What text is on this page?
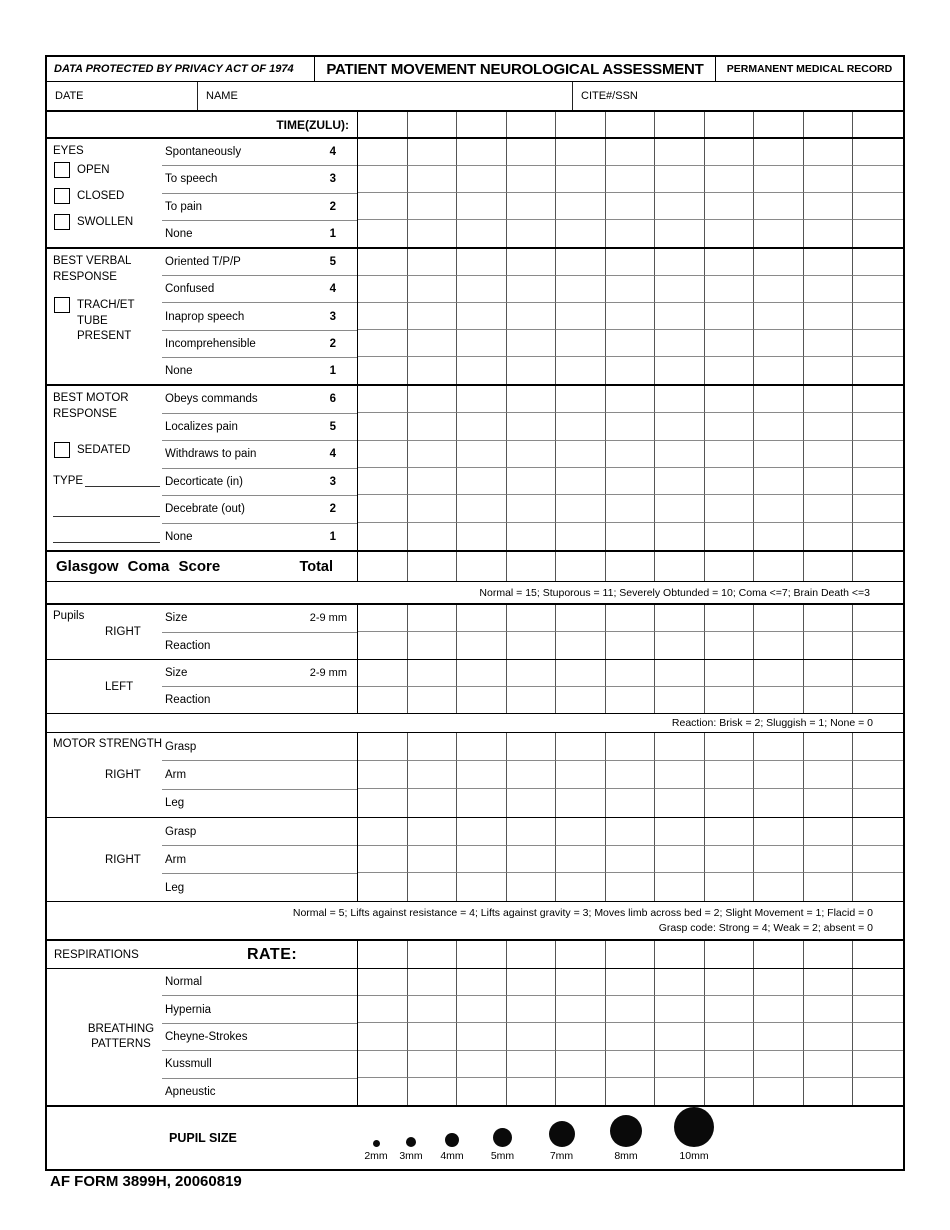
DATA PROTECTED BY PRIVACY ACT OF 1974	PATIENT MOVEMENT NEUROLOGICAL ASSESSMENT	PERMANENT MEDICAL RECORD
DATE	NAME	CITE#/SSN
TIME(ZULU):
EYES
OPEN
CLOSED
SWOLLEN
Spontaneously	4
To speech	3
To pain	2
None	1
BEST VERBAL RESPONSE
TRACH/ET TUBE PRESENT
Oriented T/P/P	5
Confused	4
Inaprop speech	3
Incomprehensible	2
None	1
BEST MOTOR RESPONSE
SEDATED
TYPE
Obeys commands	6
Localizes pain	5
Withdraws to pain	4
Decorticate (in)	3
Decebrate (out)	2
None	1
Glasgow Coma Score	Total
Normal = 15; Stuporous = 11; Severely Obtunded = 10; Coma <=7; Brain Death <=3
Pupils
RIGHT
Size	2-9 mm
Reaction
LEFT
Size	2-9 mm
Reaction
Reaction: Brisk = 2; Sluggish = 1; None = 0
MOTOR STRENGTH
RIGHT
Grasp
Arm
Leg
RIGHT
Grasp
Arm
Leg
Normal = 5; Lifts against resistance = 4; Lifts against gravity = 3; Moves limb across bed = 2; Slight Movement = 1; Flacid = 0
Grasp code: Strong = 4; Weak = 2; absent = 0
RESPIRATIONS	RATE:
BREATHING PATTERNS
Normal
Hypernia
Cheyne-Strokes
Kussmull
Apneustic
PUPIL SIZE
2mm 3mm 4mm	5mm	7mm	8mm	10mm
AF FORM 3899H, 20060819
